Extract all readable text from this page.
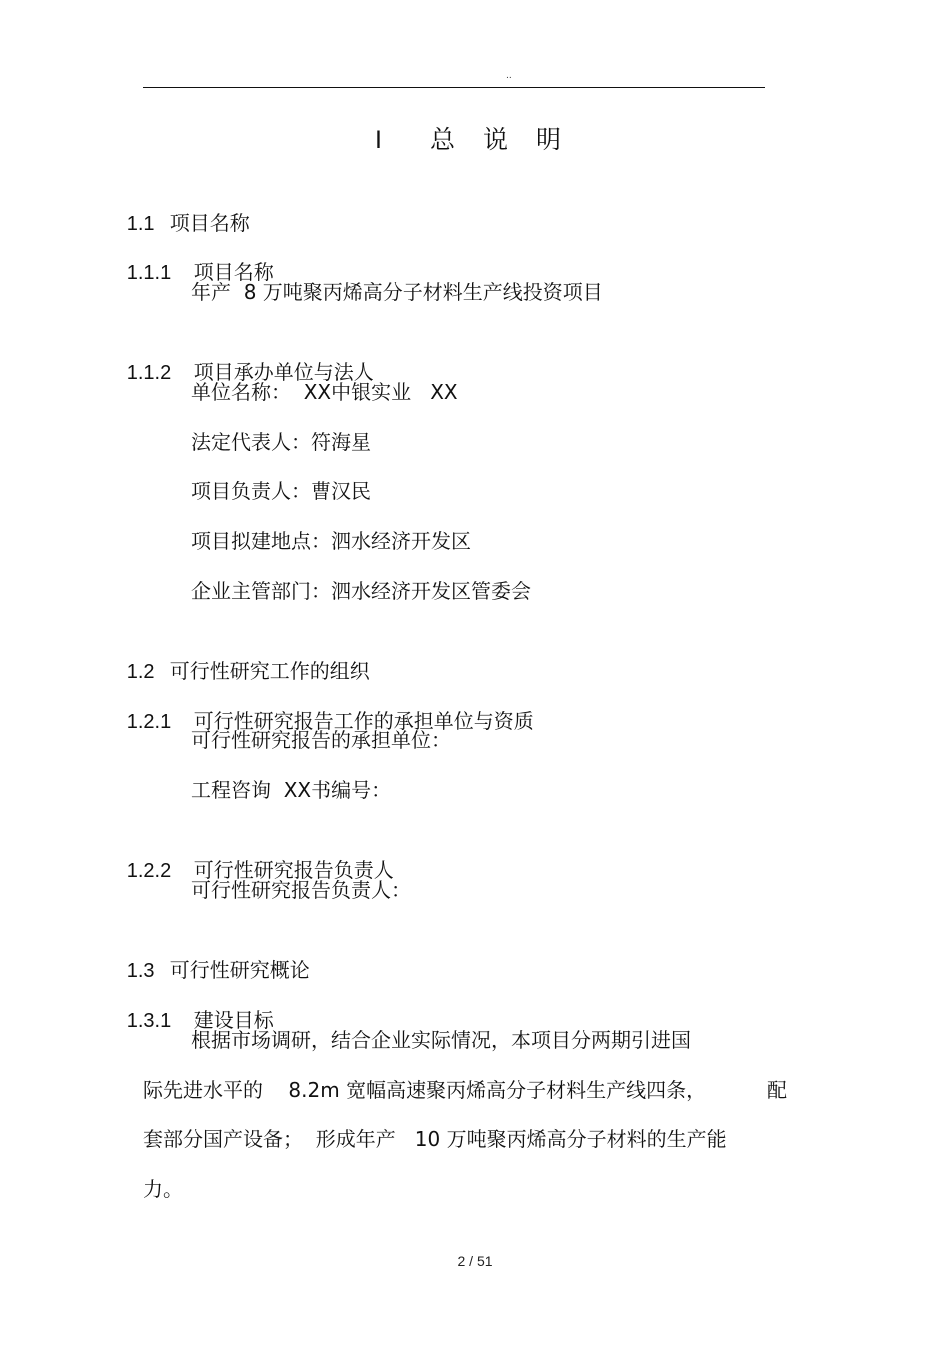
..
I 总 说 明

1.1 项目名称

1.1.1 项目名称

年产  8 万吨聚丙烯高分子材料生产线投资项目

1.1.2 项目承办单位与法人

单位名称：  XX中银实业   XX
法定代表人：符海星
项目负责人：曹汉民
项目拟建地点：泗水经济开发区
企业主管部门：泗水经济开发区管委会

1.2 可行性研究工作的组织

1.2.1 可行性研究报告工作的承担单位与资质

可行性研究报告的承担单位：
工程咨询  XX书编号：

1.2.2 可行性研究报告负责人

可行性研究报告负责人：

1.3 可行性研究概论

1.3.1 建设目标

根据市场调研，结合企业实际情况，本项目分两期引进国
际先进水平的    8.2m 宽幅高速聚丙烯高分子材料生产线四条，	配
套部分国产设备；  形成年产   10 万吨聚丙烯高分子材料的生产能
力。
2 / 51
